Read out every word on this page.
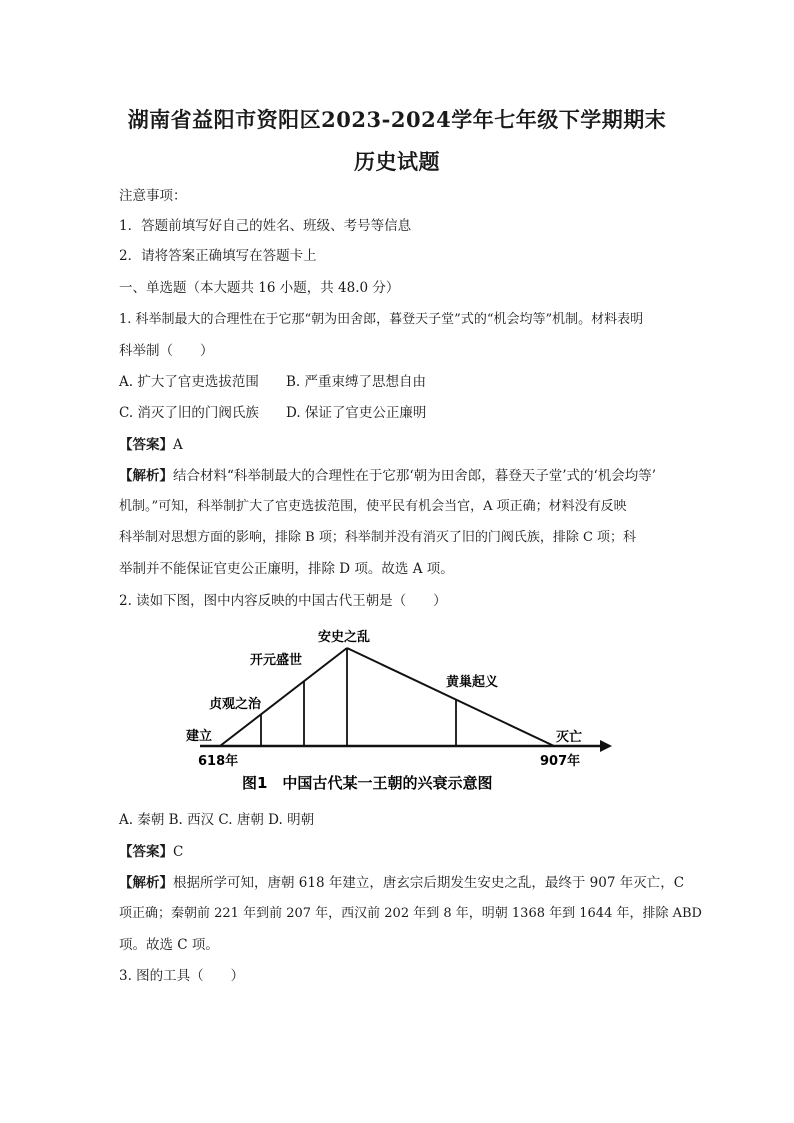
湖南省益阳市资阳区2023-2024学年七年级下学期期末
历史试题
注意事项：
1．答题前填写好自己的姓名、班级、考号等信息
2．请将答案正确填写在答题卡上
一、单选题（本大题共 16 小题，共 48.0 分）
1. 科举制最大的合理性在于它那“朝为田舍郎，暮登天子堂”式的“机会均等”机制。材料表明
科举制（　　）
A. 扩大了官吏选拔范围 B. 严重束缚了思想自由
C. 消灭了旧的门阀氏族 D. 保证了官吏公正廉明
【答案】A
【解析】结合材料“科举制最大的合理性在于它那‘朝为田舍郎，暮登天子堂’式的‘机会均等’
机制。”可知，科举制扩大了官吏选拔范围，使平民有机会当官，A 项正确；材料没有反映
科举制对思想方面的影响，排除 B 项；科举制并没有消灭了旧的门阀氏族，排除 C 项；科
举制并不能保证官吏公正廉明，排除 D 项。故选 A 项。
2. 读如下图，图中内容反映的中国古代王朝是（　　）
建立
贞观之治
开元盛世
安史之乱
黄巢起义
灭亡
618年	907年
图1　中国古代某一王朝的兴衰示意图
A. 秦朝 B. 西汉 C. 唐朝 D. 明朝
【答案】C
【解析】根据所学可知，唐朝 618 年建立，唐玄宗后期发生安史之乱，最终于 907 年灭亡，C
项正确；秦朝前 221 年到前 207 年，西汉前 202 年到 8 年，明朝 1368 年到 1644 年，排除 ABD
项。故选 C 项。
3. 图的工具（　　）
